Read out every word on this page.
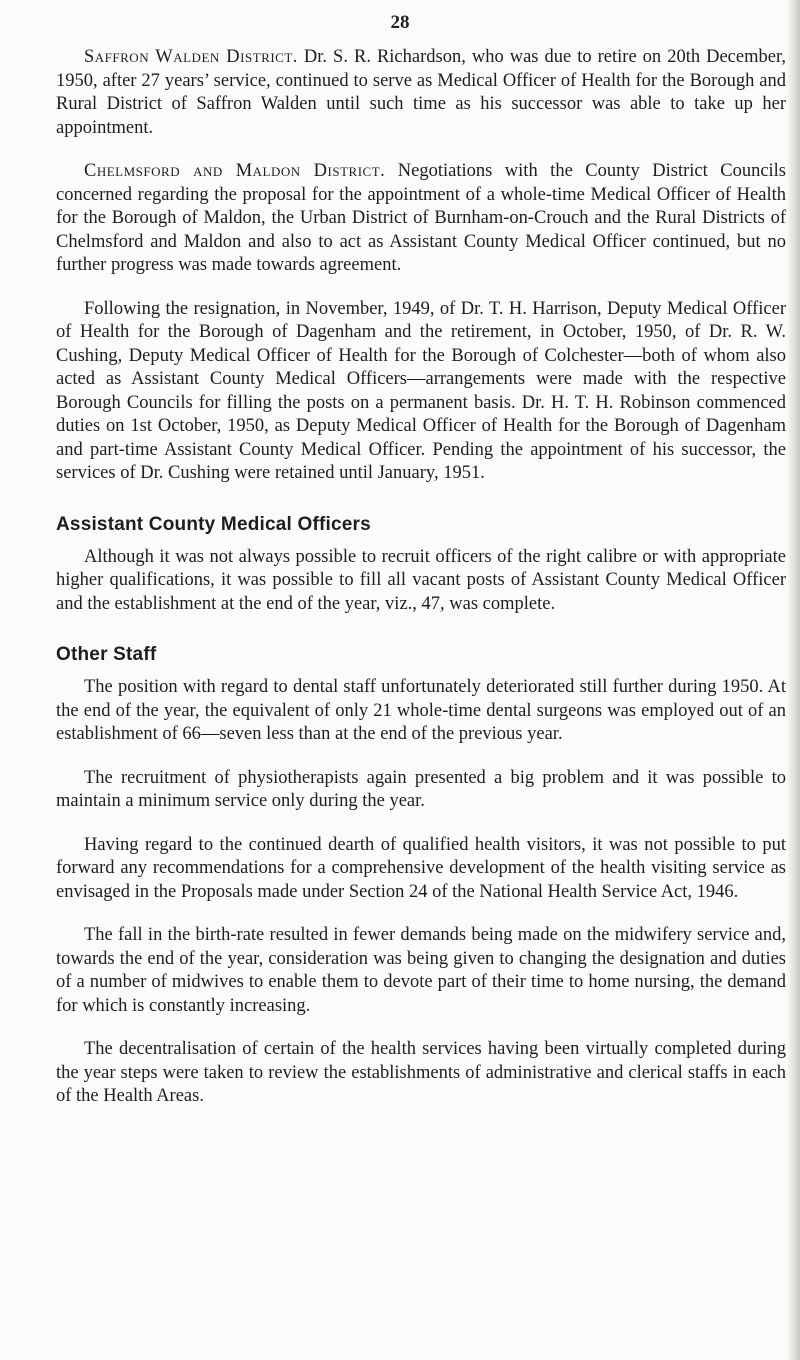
28

Saffron Walden District. Dr. S. R. Richardson, who was due to retire on 20th December, 1950, after 27 years’ service, continued to serve as Medical Officer of Health for the Borough and Rural District of Saffron Walden until such time as his successor was able to take up her appointment.

Chelmsford and Maldon District. Negotiations with the County District Councils concerned regarding the proposal for the appointment of a whole-time Medical Officer of Health for the Borough of Maldon, the Urban District of Burnham-on-Crouch and the Rural Districts of Chelmsford and Maldon and also to act as Assistant County Medical Officer continued, but no further progress was made towards agreement.

Following the resignation, in November, 1949, of Dr. T. H. Harrison, Deputy Medical Officer of Health for the Borough of Dagenham and the retirement, in October, 1950, of Dr. R. W. Cushing, Deputy Medical Officer of Health for the Borough of Colchester—both of whom also acted as Assistant County Medical Officers—arrangements were made with the respective Borough Councils for filling the posts on a permanent basis. Dr. H. T. H. Robinson commenced duties on 1st October, 1950, as Deputy Medical Officer of Health for the Borough of Dagenham and part-time Assistant County Medical Officer. Pending the appointment of his successor, the services of Dr. Cushing were retained until January, 1951.

Assistant County Medical Officers

Although it was not always possible to recruit officers of the right calibre or with appropriate higher qualifications, it was possible to fill all vacant posts of Assistant County Medical Officer and the establishment at the end of the year, viz., 47, was complete.

Other Staff

The position with regard to dental staff unfortunately deteriorated still further during 1950. At the end of the year, the equivalent of only 21 whole-time dental surgeons was employed out of an establishment of 66—seven less than at the end of the previous year.

The recruitment of physiotherapists again presented a big problem and it was possible to maintain a minimum service only during the year.

Having regard to the continued dearth of qualified health visitors, it was not possible to put forward any recommendations for a comprehensive development of the health visiting service as envisaged in the Proposals made under Section 24 of the National Health Service Act, 1946.

The fall in the birth-rate resulted in fewer demands being made on the midwifery service and, towards the end of the year, consideration was being given to changing the designation and duties of a number of midwives to enable them to devote part of their time to home nursing, the demand for which is constantly increasing.

The decentralisation of certain of the health services having been virtually completed during the year steps were taken to review the establishments of administrative and clerical staffs in each of the Health Areas.
